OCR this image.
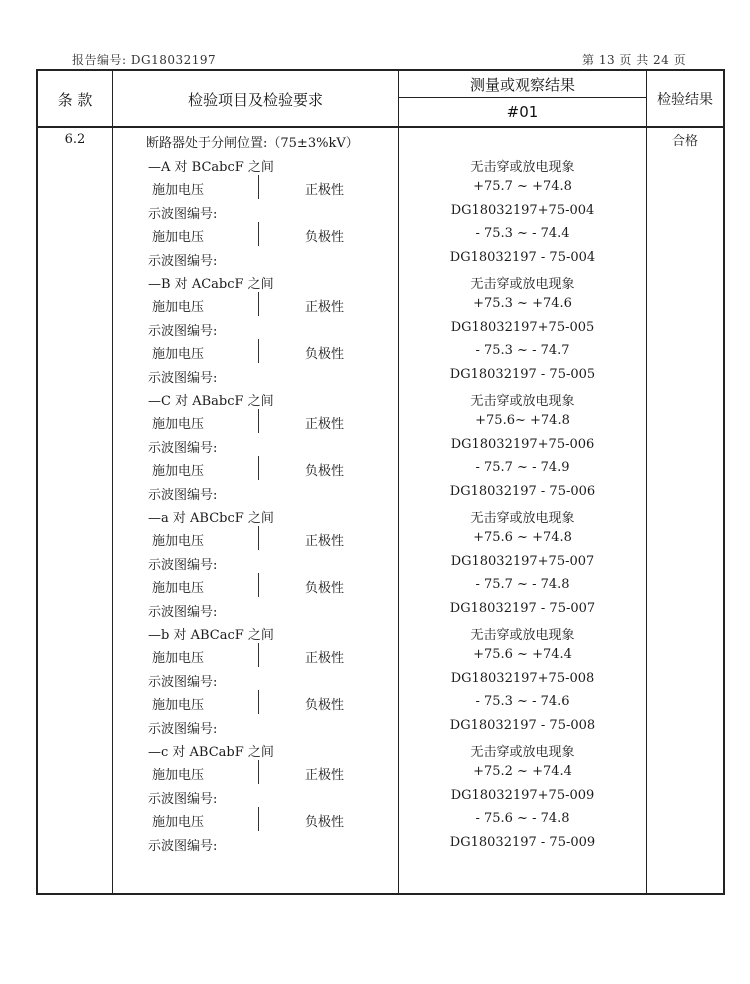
报告编号: DG18032197	第 13 页 共 24 页
条 款	检验项目及检验要求
测量或观察结果
#01
检验结果
6.2	断路器处于分闸位置:（75±3%kV）	合格
—A 对 BCabcF 之间	无击穿或放电现象
施加电压	正极性	+75.7 ~ +74.8
示波图编号:	DG18032197+75-004
施加电压	负极性	- 75.3 ~ - 74.4
示波图编号:	DG18032197 - 75-004
—B 对 ACabcF 之间	无击穿或放电现象
施加电压	正极性	+75.3 ~ +74.6
示波图编号:	DG18032197+75-005
施加电压	负极性	- 75.3 ~ - 74.7
示波图编号:	DG18032197 - 75-005
—C 对 ABabcF 之间	无击穿或放电现象
施加电压	正极性	+75.6~ +74.8
示波图编号:	DG18032197+75-006
施加电压	负极性	- 75.7 ~ - 74.9
示波图编号:	DG18032197 - 75-006
—a 对 ABCbcF 之间	无击穿或放电现象
施加电压	正极性	+75.6 ~ +74.8
示波图编号:	DG18032197+75-007
施加电压	负极性	- 75.7 ~ - 74.8
示波图编号:	DG18032197 - 75-007
—b 对 ABCacF 之间	无击穿或放电现象
施加电压	正极性	+75.6 ~ +74.4
示波图编号:	DG18032197+75-008
施加电压	负极性	- 75.3 ~ - 74.6
示波图编号:	DG18032197 - 75-008
—c 对 ABCabF 之间	无击穿或放电现象
施加电压	正极性	+75.2 ~ +74.4
示波图编号:	DG18032197+75-009
施加电压	负极性	- 75.6 ~ - 74.8
示波图编号:	DG18032197 - 75-009
